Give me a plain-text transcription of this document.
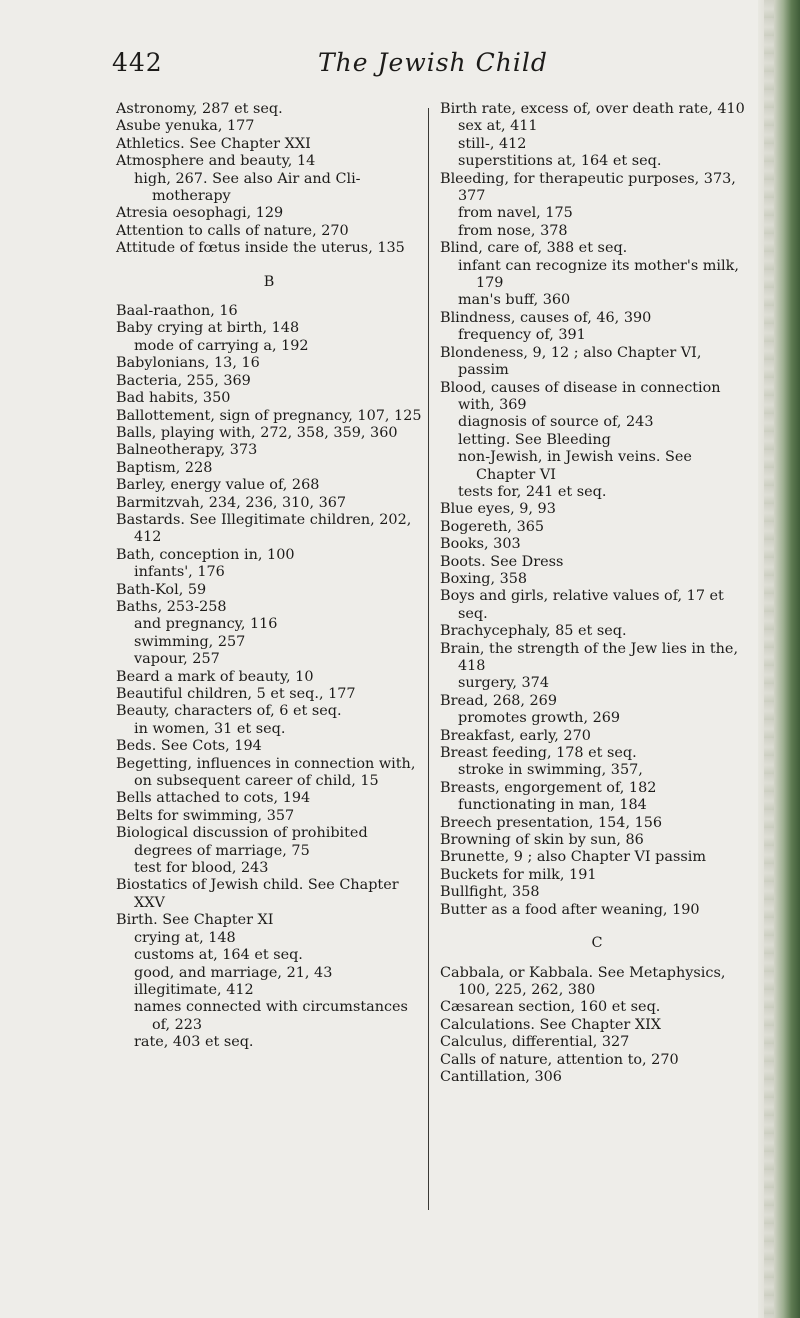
442	The Jewish Child
Astronomy, 287 et seq.
Asube yenuka, 177
Athletics. See Chapter XXI
Atmosphere and beauty, 14
high, 267. See also Air and Cli-motherapy
Atresia oesophagi, 129
Attention to calls of nature, 270
Attitude of fœtus inside the uterus, 135
B
Baal-raathon, 16
Baby crying at birth, 148
mode of carrying a, 192
Babylonians, 13, 16
Bacteria, 255, 369
Bad habits, 350
Ballottement, sign of pregnancy, 107, 125
Balls, playing with, 272, 358, 359, 360
Balneotherapy, 373
Baptism, 228
Barley, energy value of, 268
Barmitzvah, 234, 236, 310, 367
Bastards. See Illegitimate children, 202, 412
Bath, conception in, 100
infants', 176
Bath-Kol, 59
Baths, 253-258
and pregnancy, 116
swimming, 257
vapour, 257
Beard a mark of beauty, 10
Beautiful children, 5 et seq., 177
Beauty, characters of, 6 et seq.
in women, 31 et seq.
Beds. See Cots, 194
Begetting, influences in connection with, on subsequent career of child, 15
Bells attached to cots, 194
Belts for swimming, 357
Biological discussion of prohibited degrees of marriage, 75
test for blood, 243
Biostatics of Jewish child. See Chapter XXV
Birth. See Chapter XI
crying at, 148
customs at, 164 et seq.
good, and marriage, 21, 43
illegitimate, 412
names connected with circumstances of, 223
rate, 403 et seq.
Birth rate, excess of, over death rate, 410
sex at, 411
still-, 412
superstitions at, 164 et seq.
Bleeding, for therapeutic purposes, 373, 377
from navel, 175
from nose, 378
Blind, care of, 388 et seq.
infant can recognize its mother's milk, 179
man's buff, 360
Blindness, causes of, 46, 390
frequency of, 391
Blondeness, 9, 12 ; also Chapter VI, passim
Blood, causes of disease in connection with, 369
diagnosis of source of, 243
letting. See Bleeding
non-Jewish, in Jewish veins. See Chapter VI
tests for, 241 et seq.
Blue eyes, 9, 93
Bogereth, 365
Books, 303
Boots. See Dress
Boxing, 358
Boys and girls, relative values of, 17 et seq.
Brachycephaly, 85 et seq.
Brain, the strength of the Jew lies in the, 418
surgery, 374
Bread, 268, 269
promotes growth, 269
Breakfast, early, 270
Breast feeding, 178 et seq.
stroke in swimming, 357,
Breasts, engorgement of, 182
functionating in man, 184
Breech presentation, 154, 156
Browning of skin by sun, 86
Brunette, 9 ; also Chapter VI passim
Buckets for milk, 191
Bullfight, 358
Butter as a food after weaning, 190
C
Cabbala, or Kabbala. See Metaphysics, 100, 225, 262, 380
Cæsarean section, 160 et seq.
Calculations. See Chapter XIX
Calculus, differential, 327
Calls of nature, attention to, 270
Cantillation, 306
